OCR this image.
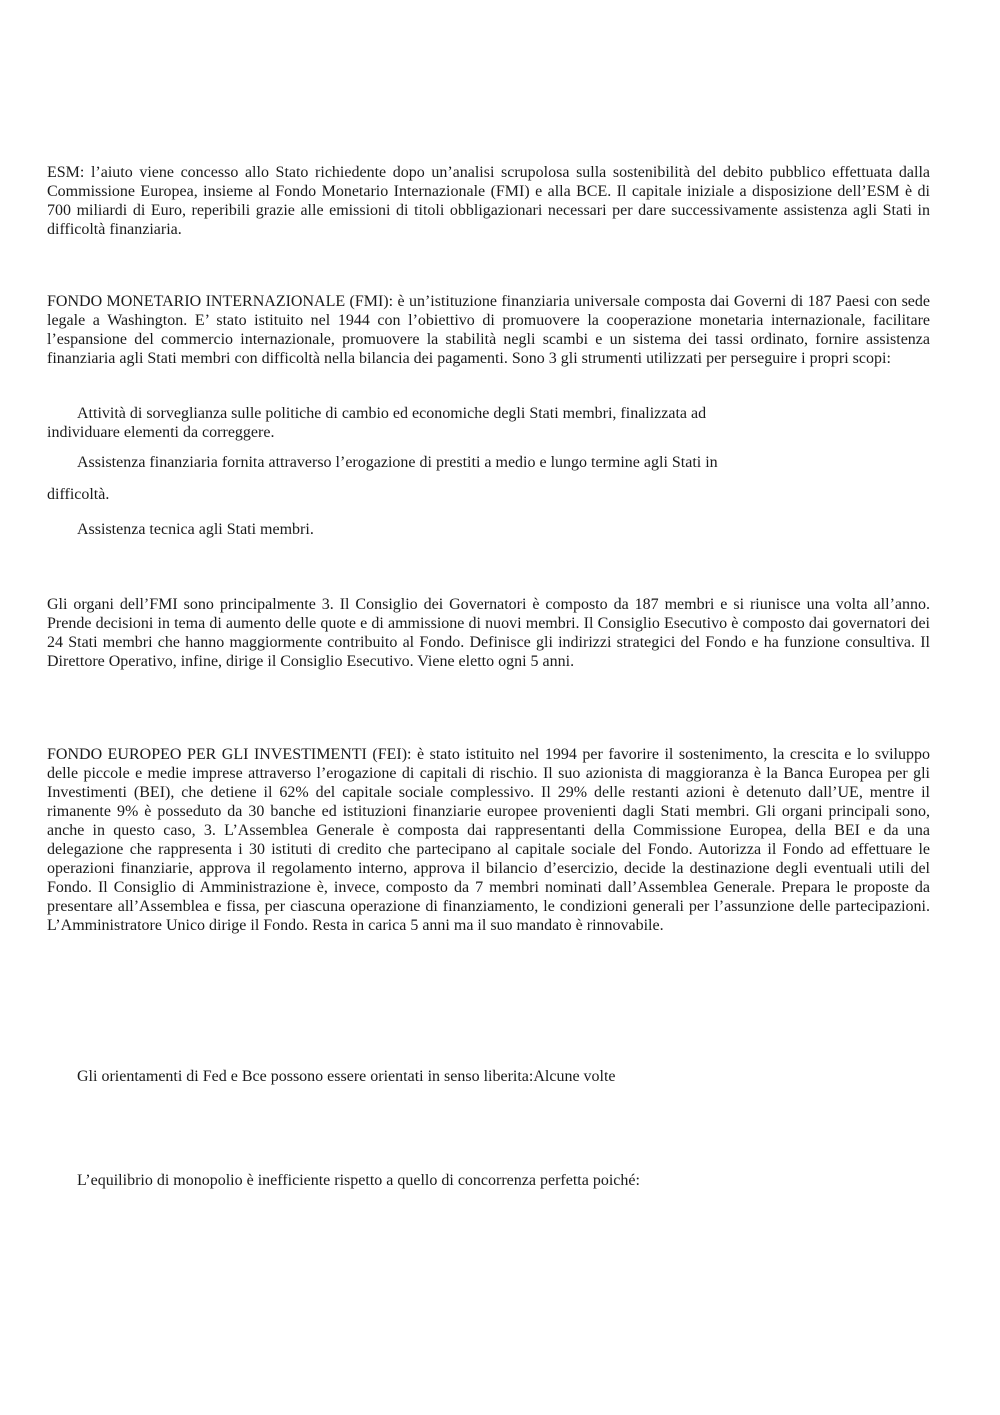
ESM: l’aiuto viene concesso allo Stato richiedente dopo un’analisi scrupolosa sulla sostenibilità del debito pubblico effettuata dalla Commissione Europea, insieme al Fondo Monetario Internazionale (FMI) e alla BCE. Il capitale iniziale a disposizione dell’ESM è di 700 miliardi di Euro, reperibili grazie alle emissioni di titoli obbligazionari necessari per dare successivamente assistenza agli Stati in difficoltà finanziaria.

FONDO MONETARIO INTERNAZIONALE (FMI): è un’istituzione finanziaria universale composta dai Governi di 187 Paesi con sede legale a Washington. E’ stato istituito nel 1944 con l’obiettivo di promuovere la cooperazione monetaria internazionale, facilitare l’espansione del commercio internazionale, promuovere la stabilità negli scambi e un sistema dei tassi ordinato, fornire assistenza finanziaria agli Stati membri con difficoltà nella bilancia dei pagamenti. Sono 3 gli strumenti utilizzati per perseguire i propri scopi:

Attività di sorveglianza sulle politiche di cambio ed economiche degli Stati membri, finalizzata ad
individuare elementi da correggere.
Assistenza finanziaria fornita attraverso l’erogazione di prestiti a medio e lungo termine agli Stati in
difficoltà.
Assistenza tecnica agli Stati membri.

Gli organi dell’FMI sono principalmente 3. Il Consiglio dei Governatori è composto da 187 membri e si riunisce una volta all’anno. Prende decisioni in tema di aumento delle quote e di ammissione di nuovi membri. Il Consiglio Esecutivo è composto dai governatori dei 24 Stati membri che hanno maggiormente contribuito al Fondo. Definisce gli indirizzi strategici del Fondo e ha funzione consultiva. Il Direttore Operativo, infine, dirige il Consiglio Esecutivo. Viene eletto ogni 5 anni.

FONDO EUROPEO PER GLI INVESTIMENTI (FEI): è stato istituito nel 1994 per favorire il sostenimento, la crescita e lo sviluppo delle piccole e medie imprese attraverso l’erogazione di capitali di rischio. Il suo azionista di maggioranza è la Banca Europea per gli Investimenti (BEI), che detiene il 62% del capitale sociale complessivo. Il 29% delle restanti azioni è detenuto dall’UE, mentre il rimanente 9% è posseduto da 30 banche ed istituzioni finanziarie europee provenienti dagli Stati membri. Gli organi principali sono, anche in questo caso, 3. L’Assemblea Generale è composta dai rappresentanti della Commissione Europea, della BEI e da una delegazione che rappresenta i 30 istituti di credito che partecipano al capitale sociale del Fondo. Autorizza il Fondo ad effettuare le operazioni finanziarie, approva il regolamento interno, approva il bilancio d’esercizio, decide la destinazione degli eventuali utili del Fondo. Il Consiglio di Amministrazione è, invece, composto da 7 membri nominati dall’Assemblea Generale. Prepara le proposte da presentare all’Assemblea e fissa, per ciascuna operazione di finanziamento, le condizioni generali per l’assunzione delle partecipazioni. L’Amministratore Unico dirige il Fondo. Resta in carica 5 anni ma il suo mandato è rinnovabile.

Gli orientamenti di Fed e Bce possono essere orientati in senso liberita:Alcune volte
L’equilibrio di monopolio è inefficiente rispetto a quello di concorrenza perfetta poiché:
